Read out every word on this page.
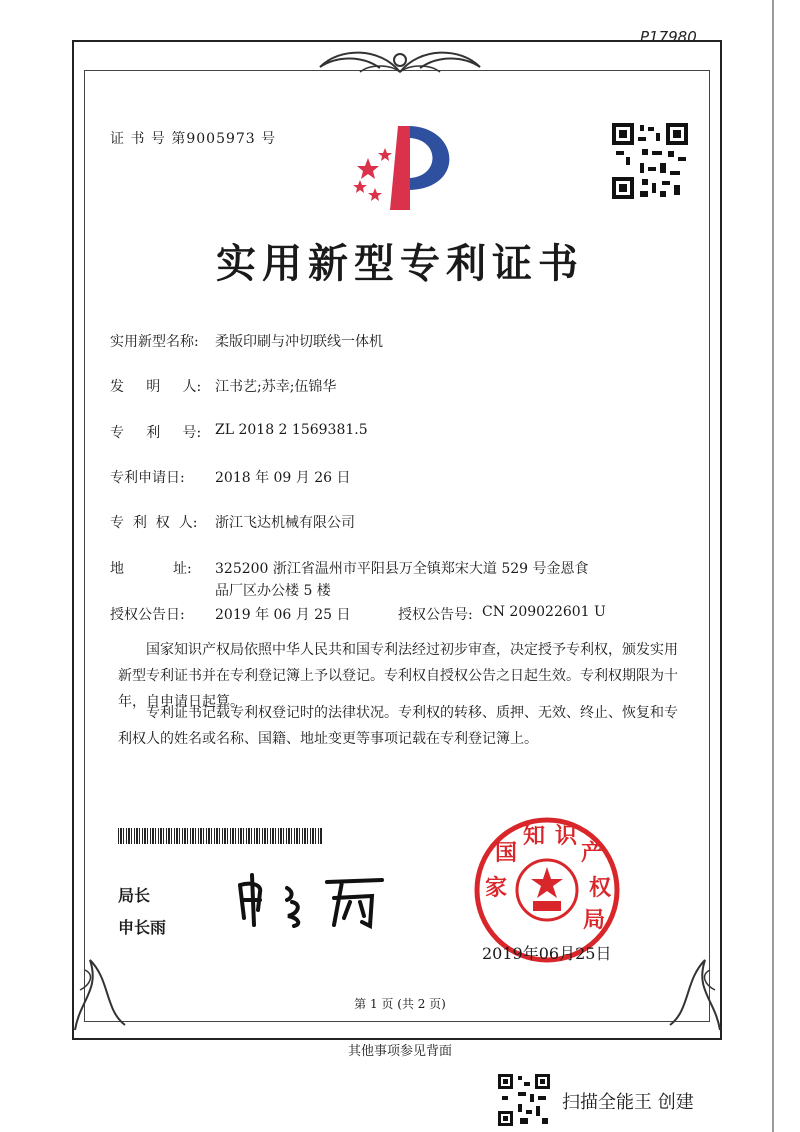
P17980
证 书 号 第9005973 号
实用新型专利证书
实用新型名称: 柔版印刷与冲切联线一体机
发     明     人: 江书艺;苏幸;伍锦华
专     利     号: ZL 2018 2 1569381.5
专利申请日: 2018 年 09 月 26 日
专  利  权  人: 浙江飞达机械有限公司
地           址: 325200 浙江省温州市平阳县万全镇郑宋大道 529 号金恩食
品厂区办公楼 5 楼
授权公告日: 2019 年 06 月 25 日	授权公告号: CN 209022601 U
国家知识产权局依照中华人民共和国专利法经过初步审查，决定授予专利权，颁发实用新型专利证书并在专利登记簿上予以登记。专利权自授权公告之日起生效。专利权期限为十年，自申请日起算。
专利证书记载专利权登记时的法律状况。专利权的转移、质押、无效、终止、恢复和专利权人的姓名或名称、国籍、地址变更等事项记载在专利登记簿上。
国
家
知 识
产
权
局
2019年06月25日
局长
申长雨
第 1 页 (共 2 页)
其他事项参见背面
扫描全能王 创建
